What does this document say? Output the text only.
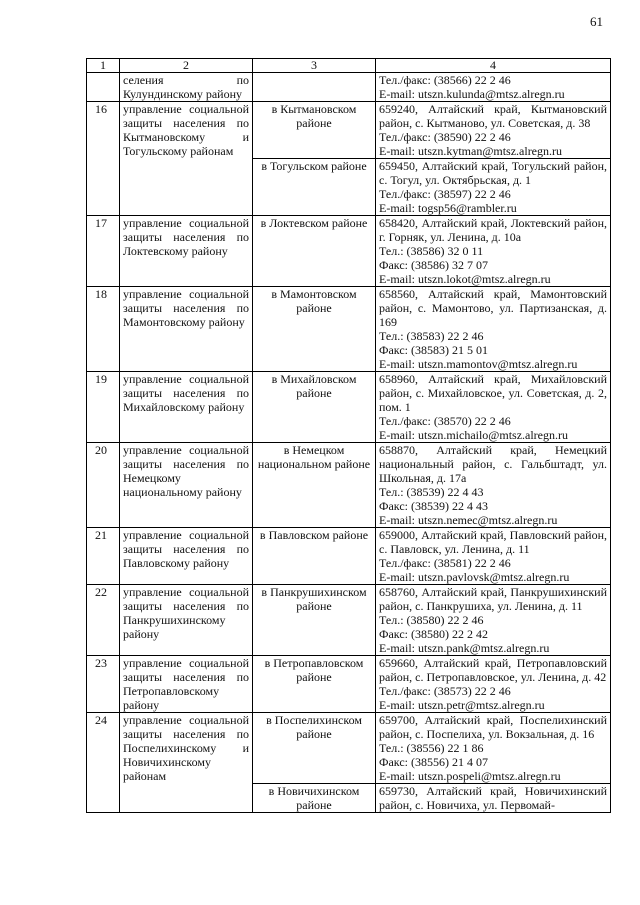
61
1	2	3	4
	селения по Кулундинскому району		Тел./факс: (38566) 22 2 46
E-mail: utszn.kulunda@mtsz.alregn.ru

16	управление социальной защиты населения по Кытмановскому и Тогульскому районам	в Кытмановском районе	659240, Алтайский край, Кытмановский район, с. Кытманово, ул. Советская, д. 38
Тел./факс: (38590) 22 2 46
E-mail: utszn.kytman@mtsz.alregn.ru

		в Тогульском районе	659450, Алтайский край, Тогульский район, с. Тогул, ул. Октябрьская, д. 1
Тел./факс: (38597) 22 2 46
E-mail: togsp56@rambler.ru

17	управление социальной защиты населения по Локтевскому району	в Локтевском районе	658420, Алтайский край, Локтевский район, г. Горняк, ул. Ленина, д. 10а
Тел.: (38586) 32 0 11
Факс: (38586) 32 7 07
E-mail: utszn.lokot@mtsz.alregn.ru

18	управление социальной защиты населения по Мамонтовскому району	в Мамонтовском районе	658560, Алтайский край, Мамонтовский район, с. Мамонтово, ул. Партизанская, д. 169
Тел.: (38583) 22 2 46
Факс: (38583) 21 5 01
E-mail: utszn.mamontov@mtsz.alregn.ru

19	управление социальной защиты населения по Михайловскому району	в Михайловском районе	658960, Алтайский край, Михайловский район, с. Михайловское, ул. Советская, д. 2, пом. 1
Тел./факс: (38570) 22 2 46
E-mail: utszn.michailo@mtsz.alregn.ru

20	управление социальной защиты населения по Немецкому национальному району	в Немецком национальном районе	658870, Алтайский край, Немецкий национальный район, с. Гальбштадт, ул. Школьная, д. 17а
Тел.: (38539) 22 4 43
Факс: (38539) 22 4 43
E-mail: utszn.nemec@mtsz.alregn.ru

21	управление социальной защиты населения по Павловскому району	в Павловском районе	659000, Алтайский край, Павловский район, с. Павловск, ул. Ленина, д. 11
Тел./факс: (38581) 22 2 46
E-mail: utszn.pavlovsk@mtsz.alregn.ru

22	управление социальной защиты населения по Панкрушихинскому району	в Панкрушихинском районе	658760, Алтайский край, Панкрушихинский район, с. Панкрушиха, ул. Ленина, д. 11
Тел.: (38580) 22 2 46
Факс: (38580) 22 2 42
E-mail: utszn.pank@mtsz.alregn.ru

23	управление социальной защиты населения по Петропавловскому району	в Петропавловском районе	659660, Алтайский край, Петропавловский район, с. Петропавловское, ул. Ленина, д. 42
Тел./факс: (38573) 22 2 46
E-mail: utszn.petr@mtsz.alregn.ru

24	управление социальной защиты населения по Поспелихинскому и Новичихинскому районам	в Поспелихинском районе	659700, Алтайский край, Поспелихинский район, с. Поспелиха, ул. Вокзальная, д. 16
Тел.: (38556) 22 1 86
Факс: (38556) 21 4 07
E-mail: utszn.pospeli@mtsz.alregn.ru

		в Новичихинском районе	659730, Алтайский край, Новичихинский район, с. Новичиха, ул. Первомай-
